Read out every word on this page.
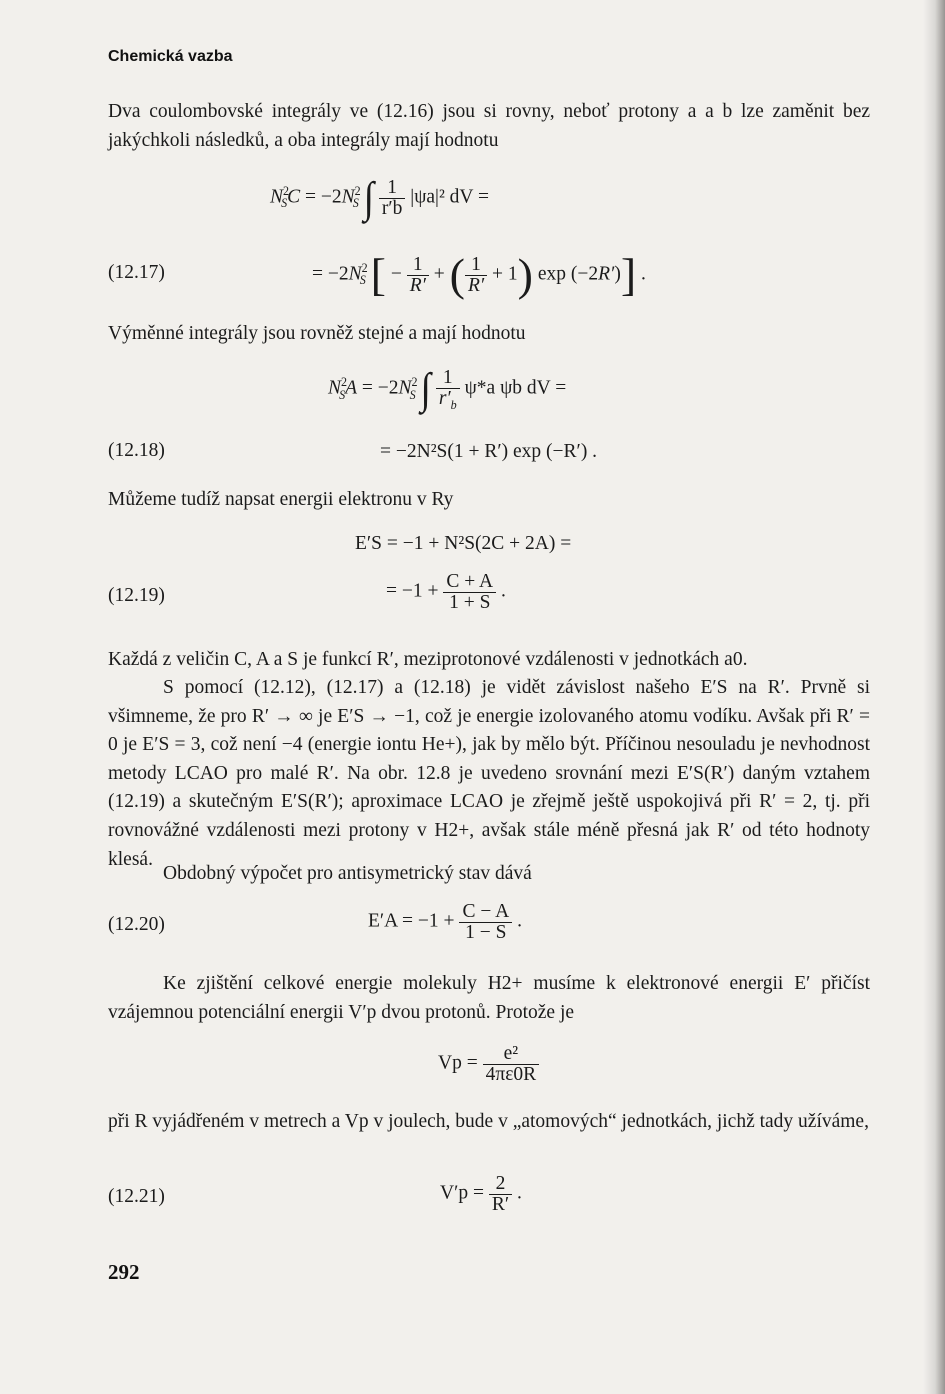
Chemická vazba
Dva coulombovské integrály ve (12.16) jsou si rovny, neboť protony a a b lze zaměnit bez jakýchkoli následků, a oba integrály mají hodnotu
$N^2_SC = -2N^2_S$ ∫ $\frac{1}{r'b} |\psi a|^2$ dV =
(12.17)	= $-2N^2_S$ [ − $\frac{1}{R'}$ + ( $\frac{1}{R'} + 1$) exp (−2R′)] .
Výměnné integrály jsou rovněž stejné a mají hodnotu
$N^2_SA = -2N^2_S$ ∫ $\frac{1}{r'_b} \psi*a$ ψb dV =
(12.18)	= −2N²S(1 + R′) exp (−R′) .
Můžeme tudíž napsat energii elektronu v Ry
E′S = −1 + N²S(2C + 2A) =
(12.19)	= $-1 + \frac{C + A}{1 + S}$ .
Každá z veličin C, A a S je funkcí R′, meziprotonové vzdálenosti v jednotkách a0.
S pomocí (12.12), (12.17) a (12.18) je vidět závislost našeho E′S na R′. Prvně si všimneme, že pro R′ → ∞ je E′S → −1, což je energie izolovaného atomu vodíku. Avšak při R′ = 0 je E′S = 3, což není −4 (energie iontu He+), jak by mělo být. Příčinou nesouladu je nevhodnost metody LCAO pro malé R′. Na obr. 12.8 je uvedeno srovnání mezi E′S(R′) daným vztahem (12.19) a skutečným E′S(R′); aproximace LCAO je zřejmě ještě uspokojivá při R′ = 2, tj. při rovnovážné vzdálenosti mezi protony v H2+, avšak stále méně přesná jak R′ od této hodnoty klesá.
Obdobný výpočet pro antisymetrický stav dává
(12.20)	$E'A = -1 + \frac{C - A}{1 - S}$ .
Ke zjištění celkové energie molekuly H2+ musíme k elektronové energii E′ přičíst vzájemnou potenciální energii V′p dvou protonů. Protože je
$Vp = \frac{\text{e²}}{4\pi\varepsilon 0R}$
při R vyjádřeném v metrech a Vp v joulech, bude v „atomových“ jednotkách, jichž tady užíváme,
(12.21)	$V'p = \frac{2}{R'}$ .
292
